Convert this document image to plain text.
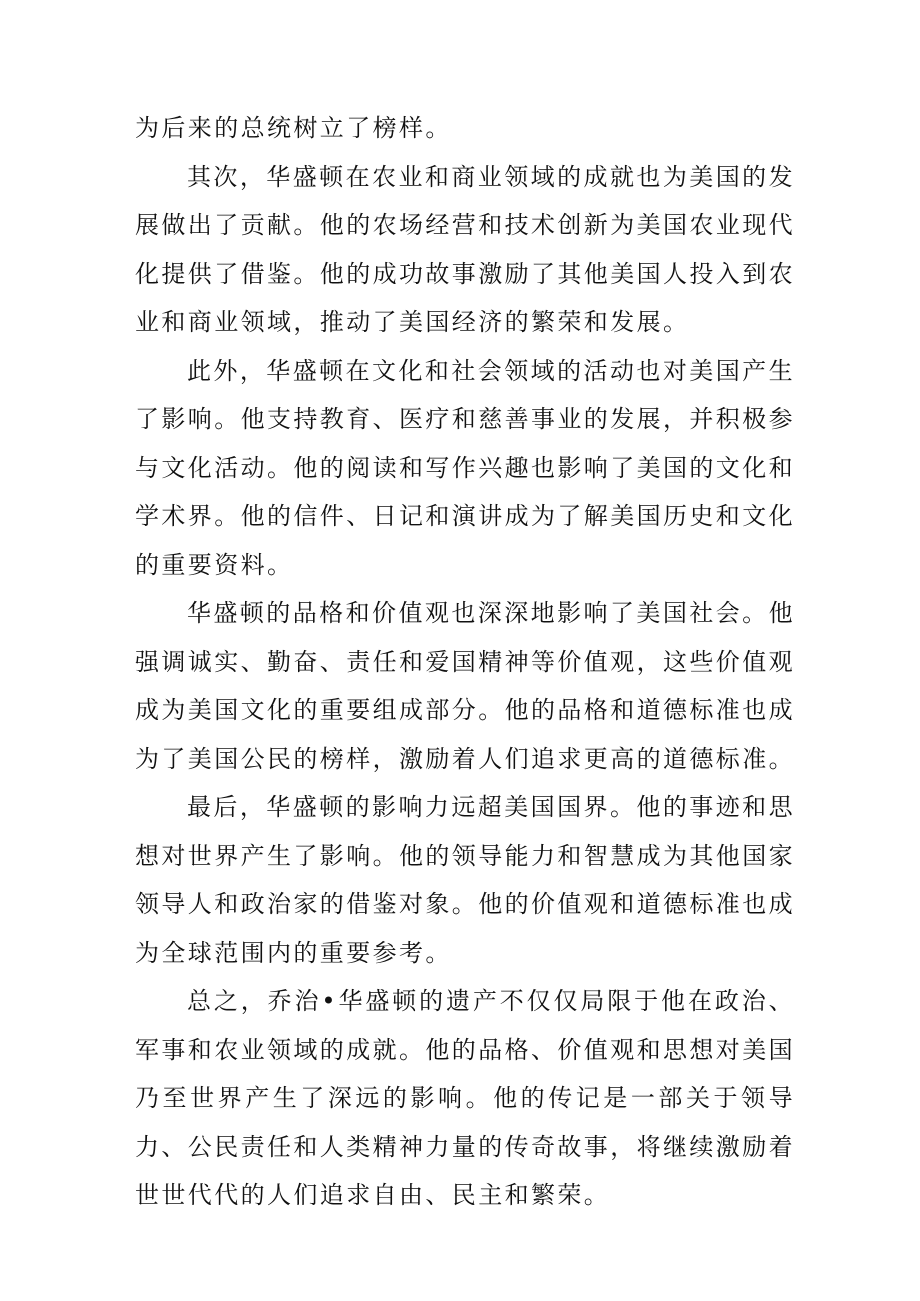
为后来的总统树立了榜样。

其次，华盛顿在农业和商业领域的成就也为美国的发展做出了贡献。他的农场经营和技术创新为美国农业现代化提供了借鉴。他的成功故事激励了其他美国人投入到农业和商业领域，推动了美国经济的繁荣和发展。

此外，华盛顿在文化和社会领域的活动也对美国产生了影响。他支持教育、医疗和慈善事业的发展，并积极参与文化活动。他的阅读和写作兴趣也影响了美国的文化和学术界。他的信件、日记和演讲成为了解美国历史和文化的重要资料。

华盛顿的品格和价值观也深深地影响了美国社会。他强调诚实、勤奋、责任和爱国精神等价值观，这些价值观成为美国文化的重要组成部分。他的品格和道德标准也成为了美国公民的榜样，激励着人们追求更高的道德标准。

最后，华盛顿的影响力远超美国国界。他的事迹和思想对世界产生了影响。他的领导能力和智慧成为其他国家领导人和政治家的借鉴对象。他的价值观和道德标准也成为全球范围内的重要参考。

总之，乔治•华盛顿的遗产不仅仅局限于他在政治、军事和农业领域的成就。他的品格、价值观和思想对美国乃至世界产生了深远的影响。他的传记是一部关于领导力、公民责任和人类精神力量的传奇故事，将继续激励着世世代代的人们追求自由、民主和繁荣。
